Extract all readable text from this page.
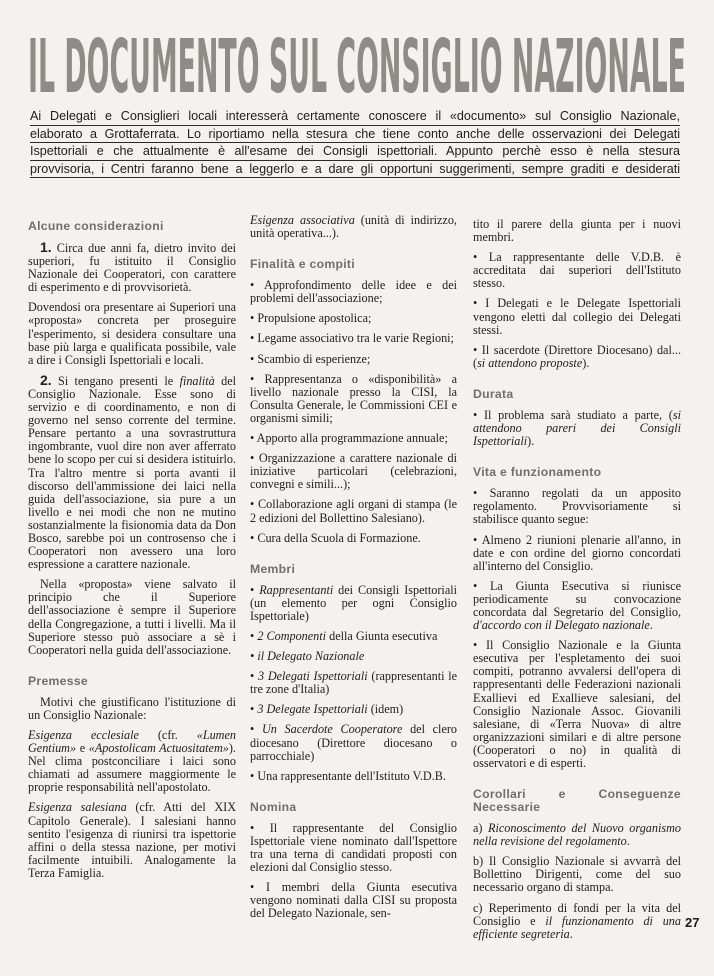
IL DOCUMENTO SUL CONSIGLIO NAZIONALE
Ai Delegati e Consiglieri locali interesserà certamente conoscere il «documento» sul Consiglio Nazionale,
elaborato a Grottaferrata. Lo riportiamo nella stesura che tiene conto anche delle osservazioni dei Delegati
Ispettoriali e che attualmente è all'esame dei Consigli ispettoriali. Appunto perchè esso è nella stesura
provvisoria, i Centri faranno bene a leggerlo e a dare gli opportuni suggerimenti, sempre graditi e desiderati
Alcune considerazioni

1. Circa due anni fa, dietro invito dei superiori, fu istituito il Consiglio Nazionale dei Cooperatori, con carattere di esperimento e di provvisorietà.

Dovendosi ora presentare ai Superiori una «proposta» concreta per proseguire l'esperimento, si desidera consultare una base più larga e qualificata possibile, vale a dire i Consigli Ispettoriali e locali.

2. Si tengano presenti le finalità del Consiglio Nazionale. Esse sono di servizio e di coordinamento, e non di governo nel senso corrente del termine. Pensare pertanto a una sovrastruttura ingombrante, vuol dire non aver afferrato bene lo scopo per cui si desidera istituirlo. Tra l'altro mentre si porta avanti il discorso dell'ammissione dei laici nella guida dell'associazione, sia pure a un livello e nei modi che non ne mutino sostanzialmente la fisionomia data da Don Bosco, sarebbe poi un controsenso che i Cooperatori non avessero una loro espressione a carattere nazionale.

Nella «proposta» viene salvato il principio che il Superiore dell'associazione è sempre il Superiore della Congregazione, a tutti i livelli. Ma il Superiore stesso può associare a sè i Cooperatori nella guida dell'associazione.

Premesse

Motivi che giustificano l'istituzione di un Consiglio Nazionale:

Esigenza ecclesiale (cfr. «Lumen Gentium» e «Apostolicam Actuositatem»). Nel clima postconciliare i laici sono chiamati ad assumere maggiormente le proprie responsabilità nell'apostolato.

Esigenza salesiana (cfr. Atti del XIX Capitolo Generale). I salesiani hanno sentito l'esigenza di riunirsi tra ispettorie affini o della stessa nazione, per motivi facilmente intuibili. Analogamente la Terza Famiglia.

Esigenza associativa (unità di indirizzo, unità operativa...).

Finalità e compiti

• Approfondimento delle idee e dei problemi dell'associazione;

• Propulsione apostolica;

• Legame associativo tra le varie Regioni;

• Scambio di esperienze;

• Rappresentanza o «disponibilità» a livello nazionale presso la CISI, la Consulta Generale, le Commissioni CEI e organismi simili;

• Apporto alla programmazione annuale;

• Organizzazione a carattere nazionale di iniziative particolari (celebrazioni, convegni e simili...);

• Collaborazione agli organi di stampa (le 2 edizioni del Bollettino Salesiano).

• Cura della Scuola di Formazione.

Membri

• Rappresentanti dei Consigli Ispettoriali (un elemento per ogni Consiglio Ispettoriale)

• 2 Componenti della Giunta esecutiva

• il Delegato Nazionale

• 3 Delegati Ispettoriali (rappresentanti le tre zone d'Italia)

• 3 Delegate Ispettoriali (idem)

• Un Sacerdote Cooperatore del clero diocesano (Direttore diocesano o parrocchiale)

• Una rappresentante dell'Istituto V.D.B.

Nomina

• Il rappresentante del Consiglio Ispettoriale viene nominato dall'Ispettore tra una terna di candidati proposti con elezioni dal Consiglio stesso.

• I membri della Giunta esecutiva vengono nominati dalla CISI su proposta del Delegato Nazionale, sen-

tito il parere della giunta per i nuovi membri.

• La rappresentante delle V.D.B. è accreditata dai superiori dell'Istituto stesso.

• I Delegati e le Delegate Ispettoriali vengono eletti dal collegio dei Delegati stessi.

• Il sacerdote (Direttore Diocesano) dal... (si attendono proposte).

Durata

• Il problema sarà studiato a parte, (si attendono pareri dei Consigli Ispettoriali).

Vita e funzionamento

• Saranno regolati da un apposito regolamento. Provvisoriamente si stabilisce quanto segue:

• Almeno 2 riunioni plenarie all'anno, in date e con ordine del giorno concordati all'interno del Consiglio.

• La Giunta Esecutiva si riunisce periodicamente su convocazione concordata dal Segretario del Consiglio, d'accordo con il Delegato nazionale.

• Il Consiglio Nazionale e la Giunta esecutiva per l'espletamento dei suoi compiti, potranno avvalersi dell'opera di rappresentanti delle Federazioni nazionali Exallievi ed Exallieve salesiani, del Consiglio Nazionale Assoc. Giovanili salesiane, di «Terra Nuova» di altre organizzazioni similari e di altre persone (Cooperatori o no) in qualità di osservatori e di esperti.

Corollari e Conseguenze Necessarie

a) Riconoscimento del Nuovo organismo nella revisione del regolamento.

b) Il Consiglio Nazionale si avvarrà del Bollettino Dirigenti, come del suo necessario organo di stampa.

c) Reperimento di fondi per la vita del Consiglio e il funzionamento di una efficiente segreteria.

27
